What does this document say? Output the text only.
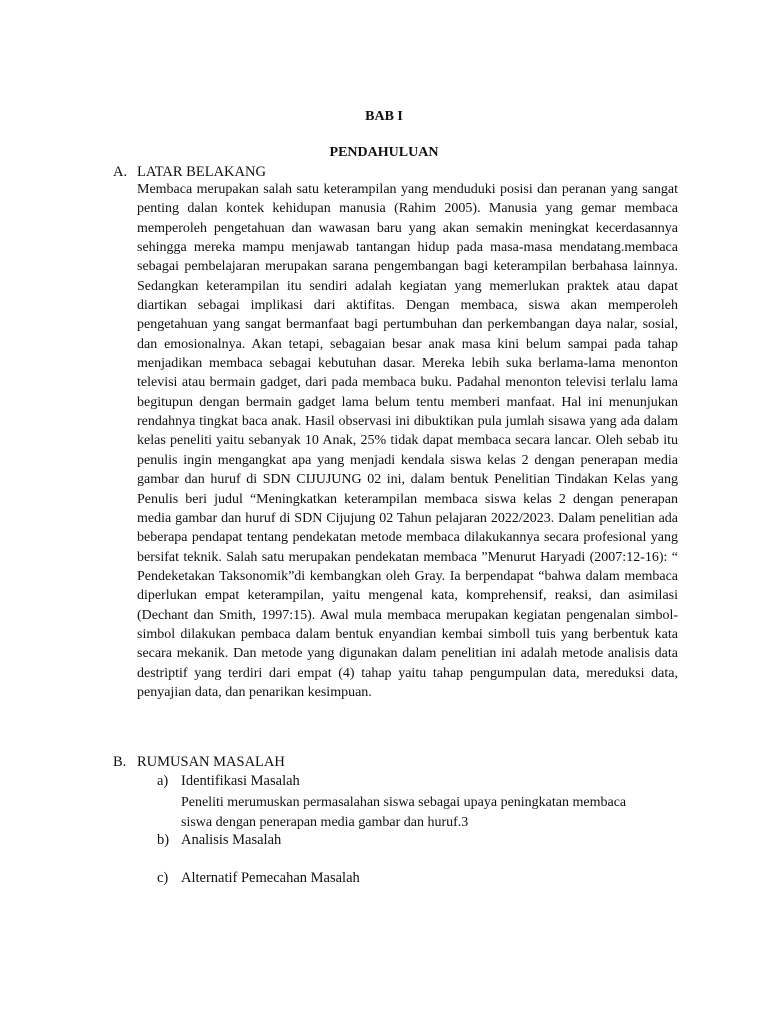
BAB I
PENDAHULUAN
A. LATAR BELAKANG

Membaca merupakan salah satu keterampilan yang menduduki posisi dan peranan yang sangat penting dalan kontek kehidupan manusia (Rahim 2005). Manusia yang gemar membaca memperoleh pengetahuan dan wawasan baru yang akan semakin meningkat kecerdasannya sehingga mereka mampu menjawab tantangan hidup pada masa-masa mendatang.membaca sebagai pembelajaran merupakan sarana pengembangan bagi keterampilan berbahasa lainnya. Sedangkan keterampilan itu sendiri adalah kegiatan yang memerlukan praktek atau dapat diartikan sebagai implikasi dari aktifitas. Dengan membaca, siswa akan memperoleh pengetahuan yang sangat bermanfaat bagi pertumbuhan dan perkembangan daya nalar, sosial, dan emosionalnya. Akan tetapi, sebagaian besar anak masa kini belum sampai pada tahap menjadikan membaca sebagai kebutuhan dasar. Mereka lebih suka berlama-lama menonton televisi atau bermain gadget, dari pada membaca buku. Padahal menonton televisi terlalu lama begitupun dengan bermain gadget lama belum tentu memberi manfaat. Hal ini menunjukan rendahnya tingkat baca anak. Hasil observasi ini dibuktikan pula jumlah sisawa yang ada dalam kelas peneliti yaitu sebanyak 10 Anak, 25% tidak dapat membaca secara lancar. Oleh sebab itu penulis ingin mengangkat apa yang menjadi kendala siswa kelas 2 dengan penerapan media gambar dan huruf di SDN CIJUJUNG 02 ini, dalam bentuk Penelitian Tindakan Kelas yang Penulis beri judul “Meningkatkan keterampilan membaca siswa kelas 2 dengan penerapan media gambar dan huruf di SDN Cijujung 02 Tahun pelajaran 2022/2023. Dalam penelitian ada beberapa pendapat tentang pendekatan metode membaca dilakukannya secara profesional yang bersifat teknik. Salah satu merupakan pendekatan membaca ”Menurut Haryadi (2007:12-16): “ Pendeketakan Taksonomik”di kembangkan oleh Gray. Ia berpendapat “bahwa dalam membaca diperlukan empat keterampilan, yaitu mengenal kata, komprehensif, reaksi, dan asimilasi (Dechant dan Smith, 1997:15). Awal mula membaca merupakan kegiatan pengenalan simbol-simbol dilakukan pembaca dalam bentuk enyandian kembai simboll tuis yang berbentuk kata secara mekanik. Dan metode yang digunakan dalam penelitian ini adalah metode analisis data destriptif yang terdiri dari empat (4) tahap yaitu tahap pengumpulan data, mereduksi data, penyajian data, dan penarikan kesimpuan.

B. RUMUSAN MASALAH
a) Identifikasi Masalah
Peneliti merumuskan permasalahan siswa sebagai upaya peningkatan membaca
siswa dengan penerapan media gambar dan huruf.3
b) Analisis Masalah
c) Alternatif Pemecahan Masalah
